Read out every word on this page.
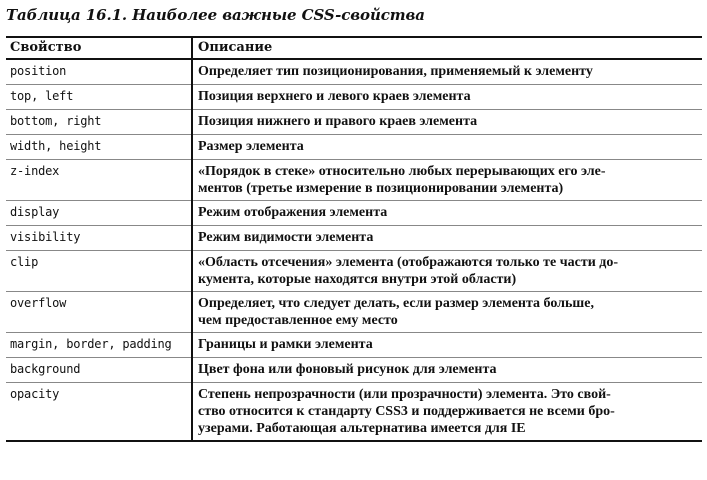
Таблица 16.1. Наиболее важные CSS-свойства
Свойство	Описание
position	Определяет тип позиционирования, применяемый к элементу

top, left	Позиция верхнего и левого краев элемента

bottom, right	Позиция нижнего и правого краев элемента

width, height	Размер элемента

z-index	«Порядок в стеке» относительно любых перерывающих его эле-
ментов (третье измерение в позиционировании элемента)

display	Режим отображения элемента

visibility	Режим видимости элемента

clip	«Область отсечения» элемента (отображаются только те части до-
кумента, которые находятся внутри этой области)

overflow	Определяет, что следует делать, если размер элемента больше,
чем предоставленное ему место

margin, border, padding	Границы и рамки элемента

background	Цвет фона или фоновый рисунок для элемента

opacity	Степень непрозрачности (или прозрачности) элемента. Это свой-
ство относится к стандарту CSS3 и поддерживается не всеми бро-
узерами. Работающая альтернатива имеется для IE
